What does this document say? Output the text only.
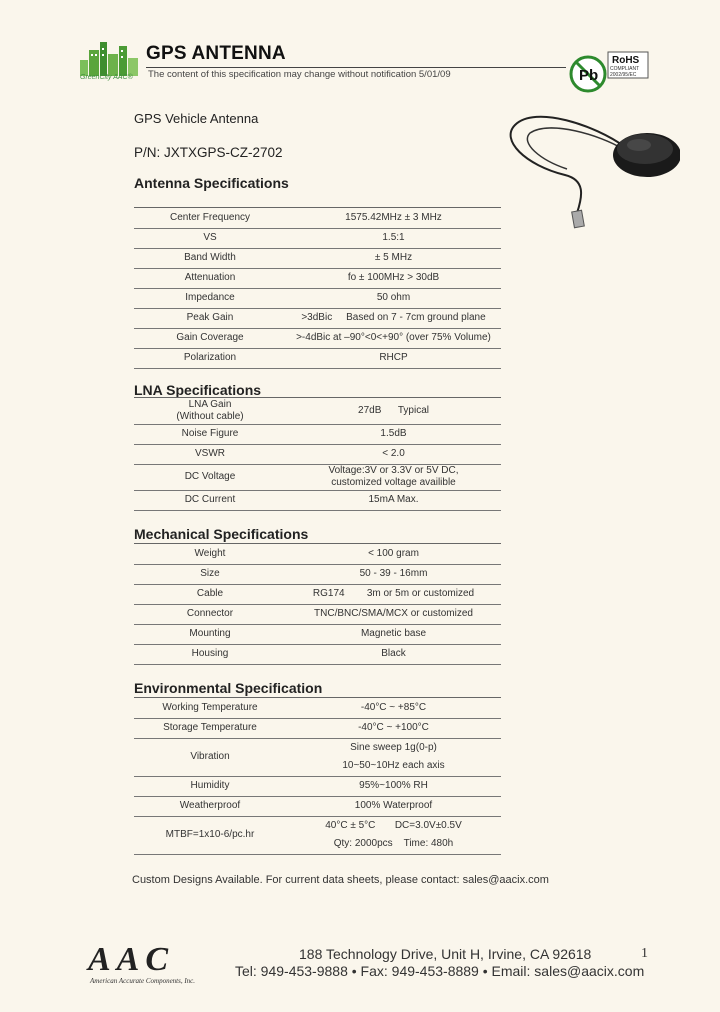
GreenCity AAC®
GPS ANTENNA
The content of this specification may change without notification 5/01/09	Pb
RoHS
COMPLIANT
2002/95/EC
GPS Vehicle Antenna
P/N: JXTXGPS-CZ-2702
Antenna Specifications
Center Frequency	1575.42MHz ± 3 MHz
VS	1.5:1
Band Width	± 5 MHz
Attenuation	fo ± 100MHz > 30dB
Impedance	50 ohm
Peak Gain	>3dBic     Based on 7 - 7cm ground plane
Gain Coverage	>-4dBic at –90°<0<+90° (over 75% Volume)
Polarization	RHCP
LNA Specifications
LNA Gain
(Without cable)	27dB      Typical
Noise Figure	1.5dB
VSWR	< 2.0
DC Voltage	Voltage:3V or 3.3V or 5V DC,
customized voltage availible

DC Current	15mA Max.
Mechanical Specifications
Weight	< 100 gram
Size	50 - 39 - 16mm
Cable	RG174        3m or 5m or customized
Connector	TNC/BNC/SMA/MCX or customized
Mounting	Magnetic base
Housing	Black
Environmental Specification
Working Temperature	-40°C ~ +85°C
Storage Temperature	-40°C ~ +100°C
Vibration	Sine sweep 1g(0-p)
10~50~10Hz each axis

Humidity	95%~100% RH
Weatherproof	100% Waterproof
MTBF=1x10-6/pc.hr	40°C ± 5°C       DC=3.0V±0.5V
Qty: 2000pcs    Time: 480h
Custom Designs Available. For current data sheets, please contact: sales@aacix.com
AAC
American Accurate Components, Inc.
188 Technology Drive, Unit H, Irvine, CA 92618
Tel: 949-453-9888 • Fax: 949-453-8889 • Email: sales@aacix.com
1
